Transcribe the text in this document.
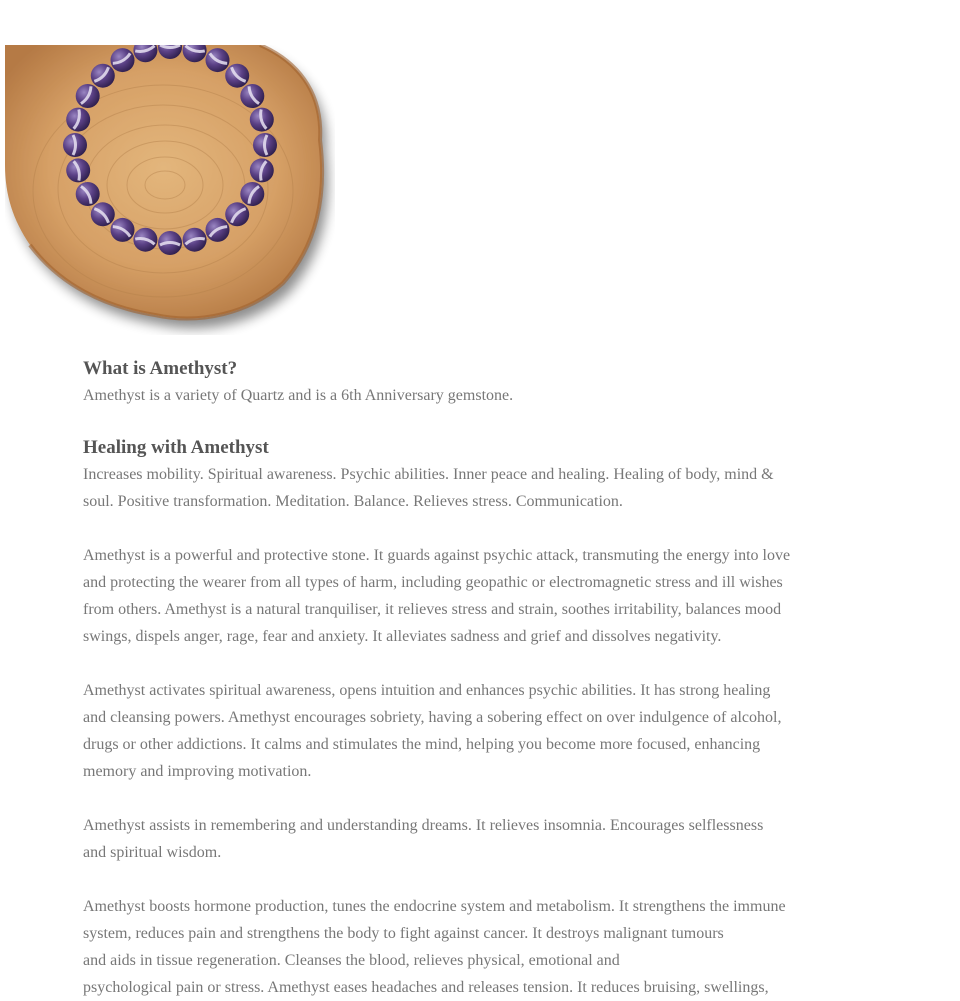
What is Amethyst?

Amethyst is a variety of Quartz and is a 6th Anniversary gemstone.

Healing with Amethyst

Increases mobility. Spiritual awareness. Psychic abilities. Inner peace and healing. Healing of body, mind &
soul. Positive transformation. Meditation. Balance. Relieves stress. Communication.

Amethyst is a powerful and protective stone. It guards against psychic attack, transmuting the energy into love
and protecting the wearer from all types of harm, including geopathic or electromagnetic stress and ill wishes
from others. Amethyst is a natural tranquiliser, it relieves stress and strain, soothes irritability, balances mood
swings, dispels anger, rage, fear and anxiety. It alleviates sadness and grief and dissolves negativity.

Amethyst activates spiritual awareness, opens intuition and enhances psychic abilities. It has strong healing
and cleansing powers. Amethyst encourages sobriety, having a sobering effect on over indulgence of alcohol,
drugs or other addictions. It calms and stimulates the mind, helping you become more focused, enhancing
memory and improving motivation.

Amethyst assists in remembering and understanding dreams. It relieves insomnia. Encourages selflessness
and spiritual wisdom.

Amethyst boosts hormone production, tunes the endocrine system and metabolism. It strengthens the immune
system, reduces pain and strengthens the body to fight against cancer. It destroys malignant tumours
and aids in tissue regeneration. Cleanses the blood, relieves physical, emotional and
psychological pain or stress. Amethyst eases headaches and releases tension. It reduces bruising, swellings,
